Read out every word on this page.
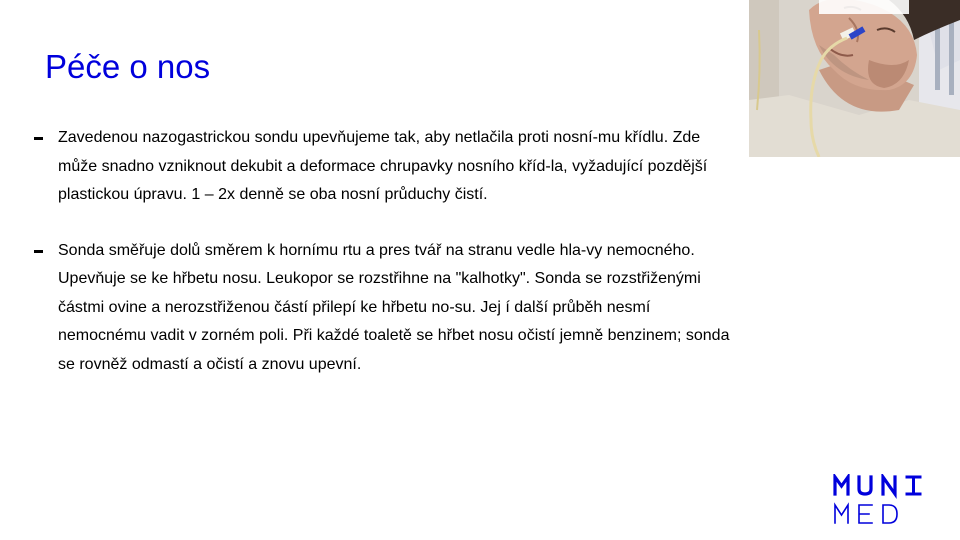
Péče o nos
Zavedenou nazogastrickou sondu upevňujeme tak, aby netlačila proti nosní-mu křídlu. Zde může snadno vzniknout dekubit a deformace chrupavky nosního kříd-la, vyžadující pozdější plastickou úpravu. 1 – 2x denně se oba nosní průduchy čistí.
Sonda směřuje dolů směrem k hornímu rtu a pres tvář na stranu vedle hla-vy nemocného. Upevňuje se ke hřbetu nosu. Leukopor se rozstřihne na "kalhotky". Sonda se rozstřiženými částmi ovine a nerozstřiženou částí přilepí ke hřbetu no-su. Jej í další průběh nesmí nemocnému vadit v zorném poli. Při každé toaletě se hřbet nosu očistí jemně benzinem; sonda se rovněž odmastí a očistí a znovu upevní.
